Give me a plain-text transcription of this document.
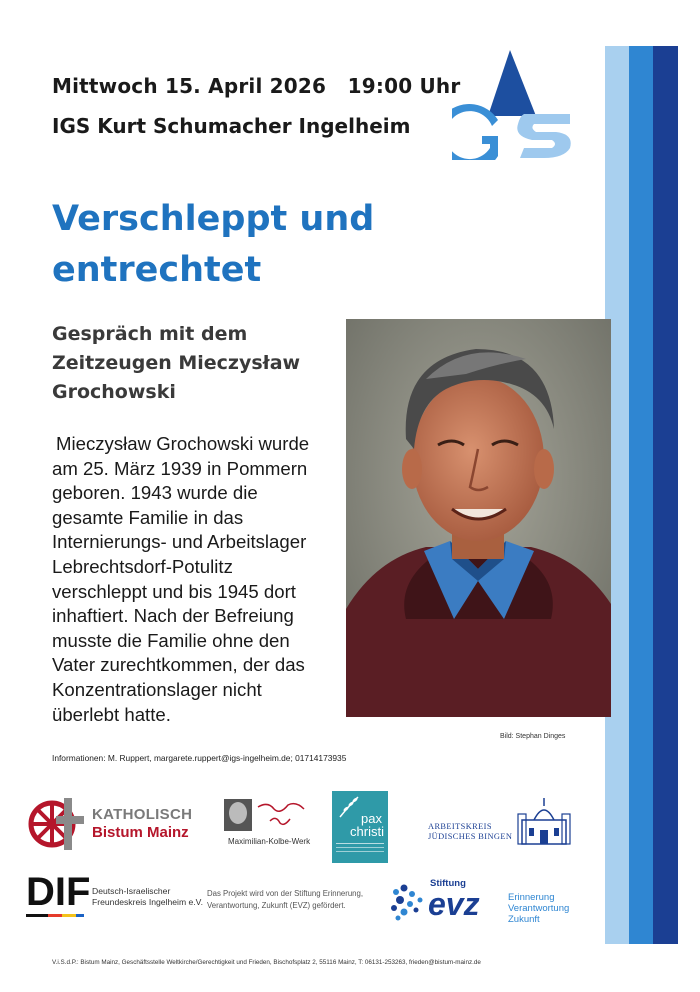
Mittwoch 15. April 2026 19:00 Uhr
IGS Kurt Schumacher Ingelheim
Verschleppt und
entrechtet
Gespräch mit dem
Zeitzeugen Mieczysław
Grochowski
Mieczysław Grochowski wurde
am 25. März 1939 in Pommern
geboren. 1943 wurde die
gesamte Familie in das
Internierungs- und Arbeitslager
Lebrechtsdorf-Potulitz
verschleppt und bis 1945 dort
inhaftiert. Nach der Befreiung
musste die Familie ohne den
Vater zurechtkommen, der das
Konzentrationslager nicht
überlebt hatte.
Bild: Stephan Dinges
Informationen: M. Ruppert, margarete.ruppert@igs-ingelheim.de; 01714173935
KATHOLISCH
Bistum Mainz
Maximilian-Kolbe-Werk
pax
christi	ARBEITSKREIS
JÜDISCHES BINGEN
DIF Deutsch-Israelischer
Freundeskreis Ingelheim e.V.
Das Projekt wird von der Stiftung Erinnerung,
Verantwortung, Zukunft (EVZ) gefördert.
Stiftung
evz	Erinnerung
Verantwortung
Zukunft
V.i.S.d.P.: Bistum Mainz, Geschäftsstelle Weltkirche/Gerechtigkeit und Frieden, Bischofsplatz 2, 55116 Mainz, T: 06131-253263, frieden@bistum-mainz.de
